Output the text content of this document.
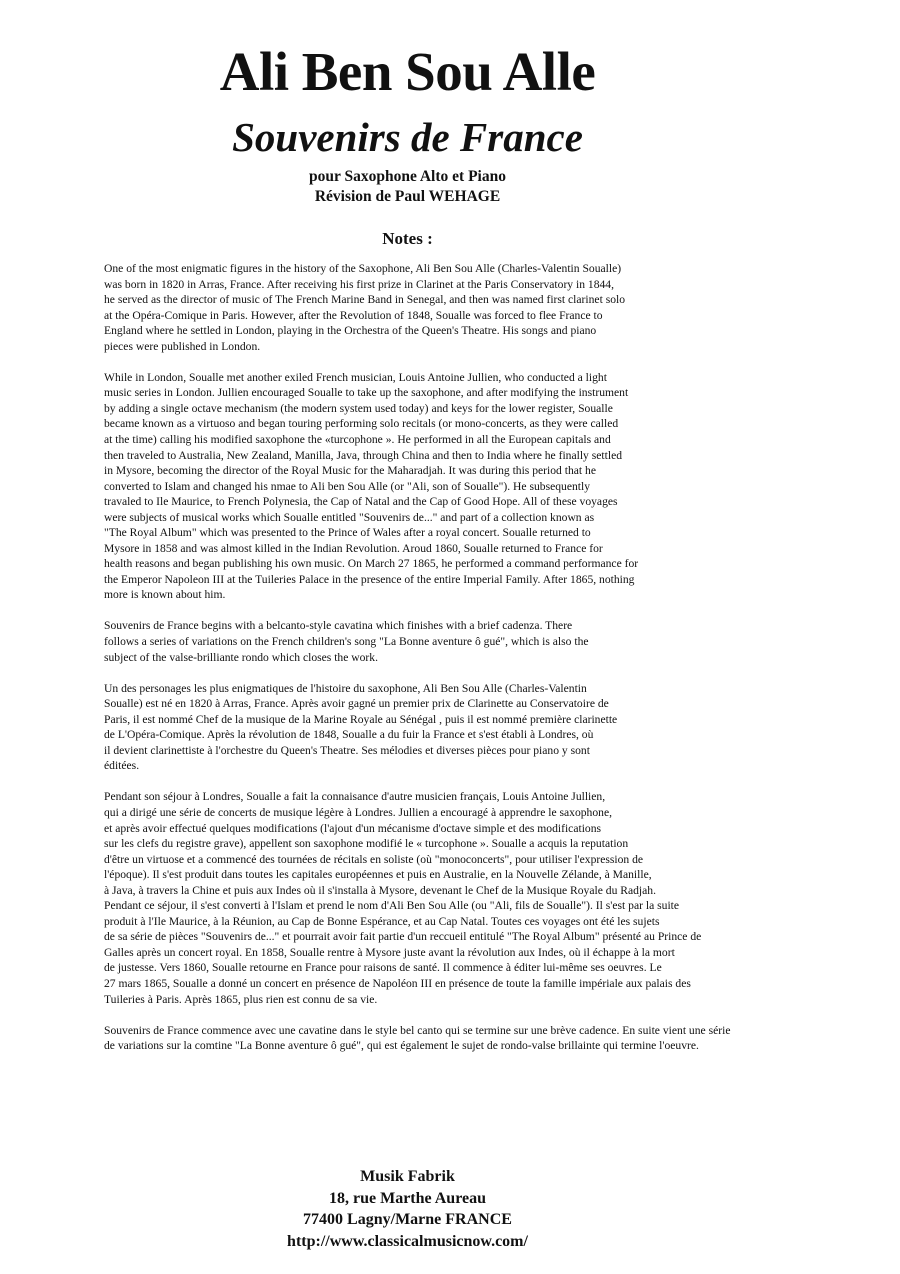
Ali Ben Sou Alle
Souvenirs de France
pour Saxophone Alto et Piano
Révision de Paul WEHAGE
Notes :

One of the most enigmatic figures in the history of the Saxophone, Ali Ben Sou Alle (Charles-Valentin Soualle)
was born in 1820 in Arras, France. After receiving his first prize in Clarinet at the Paris Conservatory in 1844,
he served as the director of music of The French Marine Band in Senegal, and then was named first clarinet solo
at the Opéra-Comique in Paris. However, after the Revolution of 1848, Soualle was forced to flee France to
England where he settled in London, playing in the Orchestra of the Queen's Theatre. His songs and piano
pieces were published in London.

While in London, Soualle met another exiled French musician, Louis Antoine Jullien, who conducted a light
music series in London. Jullien encouraged Soualle to take up the saxophone, and after modifying the instrument
by adding a single octave mechanism (the modern system used today) and keys for the lower register, Soualle
became known as a virtuoso and began touring performing solo recitals (or mono-concerts, as they were called
at the time) calling his modified saxophone the «turcophone ». He performed in all the European capitals and
then traveled to Australia, New Zealand, Manilla, Java, through China and then to India where he finally settled
in Mysore, becoming the director of the Royal Music for the Maharadjah. It was during this period that he
converted to Islam and changed his nmae to Ali ben Sou Alle (or "Ali, son of Soualle"). He subsequently
travaled to Ile Maurice, to French Polynesia, the Cap of Natal and the Cap of Good Hope. All of these voyages
were subjects of musical works which Soualle entitled "Souvenirs de..." and part of a collection known as
"The Royal Album" which was presented to the Prince of Wales after a royal concert. Soualle returned to
Mysore in 1858 and was almost killed in the Indian Revolution. Aroud 1860, Soualle returned to France for
health reasons and began publishing his own music. On March 27 1865, he performed a command performance for
the Emperor Napoleon III at the Tuileries Palace in the presence of the entire Imperial Family. After 1865, nothing
more is known about him.

Souvenirs de France begins with a belcanto-style cavatina which finishes with a brief cadenza. There
follows a series of variations on the French children's song "La Bonne aventure ô gué", which is also the
subject of the valse-brilliante rondo which closes the work.

Un des personages les plus enigmatiques de l'histoire du saxophone, Ali Ben Sou Alle (Charles-Valentin
Soualle) est né en 1820 à Arras, France. Après avoir gagné un premier prix de Clarinette au Conservatoire de
Paris, il est nommé Chef de la musique de la Marine Royale au Sénégal , puis il est nommé première clarinette
de L'Opéra-Comique. Après la révolution de 1848, Soualle a du fuir la France et s'est établi à Londres, où
il devient clarinettiste à l'orchestre du Queen's Theatre. Ses mélodies et diverses pièces pour piano y sont
éditées.

Pendant son séjour à Londres, Soualle a fait la connaisance d'autre musicien français, Louis Antoine Jullien,
qui a dirigé une série de concerts de musique légère à Londres. Jullien a encouragé à apprendre le saxophone,
et après avoir effectué quelques modifications (l'ajout d'un mécanisme d'octave simple et des modifications
sur les clefs du registre grave), appellent son saxophone modifié le « turcophone ». Soualle a acquis la reputation
d'être un virtuose et a commencé des tournées de récitals en soliste (où "monoconcerts", pour utiliser l'expression de
l'époque). Il s'est produit dans toutes les capitales européennes et puis en Australie, en la Nouvelle Zélande, à Manille,
à Java, à travers la Chine et puis aux Indes où il s'installa à Mysore, devenant le Chef de la Musique Royale du Radjah.
Pendant ce séjour, il s'est converti à l'Islam et prend le nom d'Ali Ben Sou Alle (ou "Ali, fils de Soualle"). Il s'est par la suite
produit à l'Ile Maurice, à la Réunion, au Cap de Bonne Espérance, et au Cap Natal. Toutes ces voyages ont été les sujets
de sa série de pièces "Souvenirs de..." et pourrait avoir fait partie d'un reccueil entitulé "The Royal Album" présenté au Prince de
Galles après un concert royal. En 1858, Soualle rentre à Mysore juste avant la révolution aux Indes, où il échappe à la mort
de justesse. Vers 1860, Soualle retourne en France pour raisons de santé. Il commence à éditer lui-même ses oeuvres. Le
27 mars 1865, Soualle a donné un concert en présence de Napoléon III en présence de toute la famille impériale aux palais des
Tuileries à Paris. Après 1865, plus rien est connu de sa vie.

Souvenirs de France commence avec une cavatine dans le style bel canto qui se termine sur une brève cadence. En suite vient une série
de variations sur la comtine "La Bonne aventure ô gué", qui est également le sujet de rondo-valse brillainte qui termine l'oeuvre.

Musik Fabrik
18, rue Marthe Aureau
77400 Lagny/Marne FRANCE
http://www.classicalmusicnow.com/
